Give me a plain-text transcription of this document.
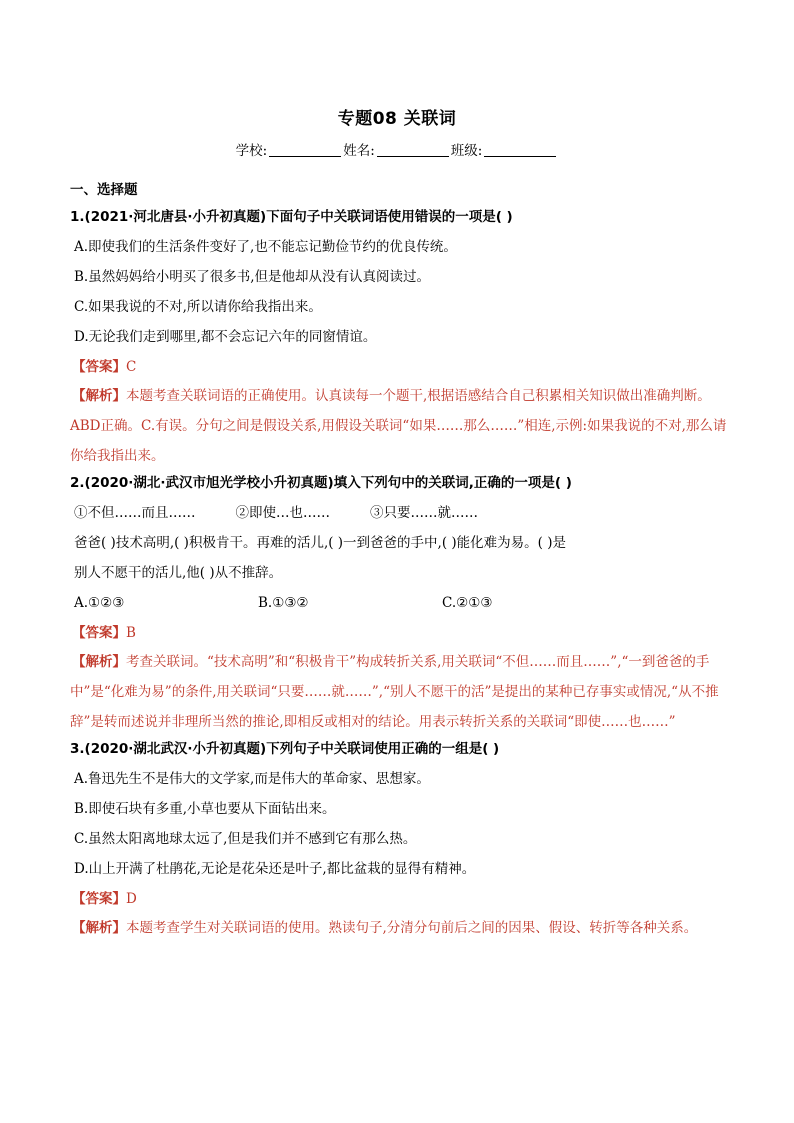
专题08 关联词
学校:	姓名:	班级:
一、选择题
1.(2021·河北唐县·小升初真题)下面句子中关联词语使用错误的一项是( )
A.即使我们的生活条件变好了,也不能忘记勤俭节约的优良传统。
B.虽然妈妈给小明买了很多书,但是他却从没有认真阅读过。
C.如果我说的不对,所以请你给我指出来。
D.无论我们走到哪里,都不会忘记六年的同窗情谊。
【答案】C
【解析】本题考查关联词语的正确使用。认真读每一个题干,根据语感结合自己积累相关知识做出准确判断。ABD正确。C.有误。分句之间是假设关系,用假设关联词“如果……那么……”相连,示例:如果我说的不对,那么请你给我指出来。
2.(2020·湖北·武汉市旭光学校小升初真题)填入下列句中的关联词,正确的一项是( )
①不但……而且……	②即使…也……	③只要……就……
爸爸( )技术高明,( )积极肯干。再难的活儿,( )一到爸爸的手中,( )能化难为易。( )是
别人不愿干的活儿,他( )从不推辞。
A.①②③	B.①③②	C.②①③
【答案】B
【解析】考查关联词。“技术高明”和“积极肯干”构成转折关系,用关联词“不但……而且……”,“一到爸爸的手中”是“化难为易”的条件,用关联词“只要……就……”,“别人不愿干的活”是提出的某种已存事实或情况,“从不推辞”是转而述说并非理所当然的推论,即相反或相对的结论。用表示转折关系的关联词“即使……也……”
3.(2020·湖北武汉·小升初真题)下列句子中关联词使用正确的一组是( )
A.鲁迅先生不是伟大的文学家,而是伟大的革命家、思想家。
B.即使石块有多重,小草也要从下面钻出来。
C.虽然太阳离地球太远了,但是我们并不感到它有那么热。
D.山上开满了杜鹃花,无论是花朵还是叶子,都比盆栽的显得有精神。
【答案】D
【解析】本题考查学生对关联词语的使用。熟读句子,分清分句前后之间的因果、假设、转折等各种关系。
